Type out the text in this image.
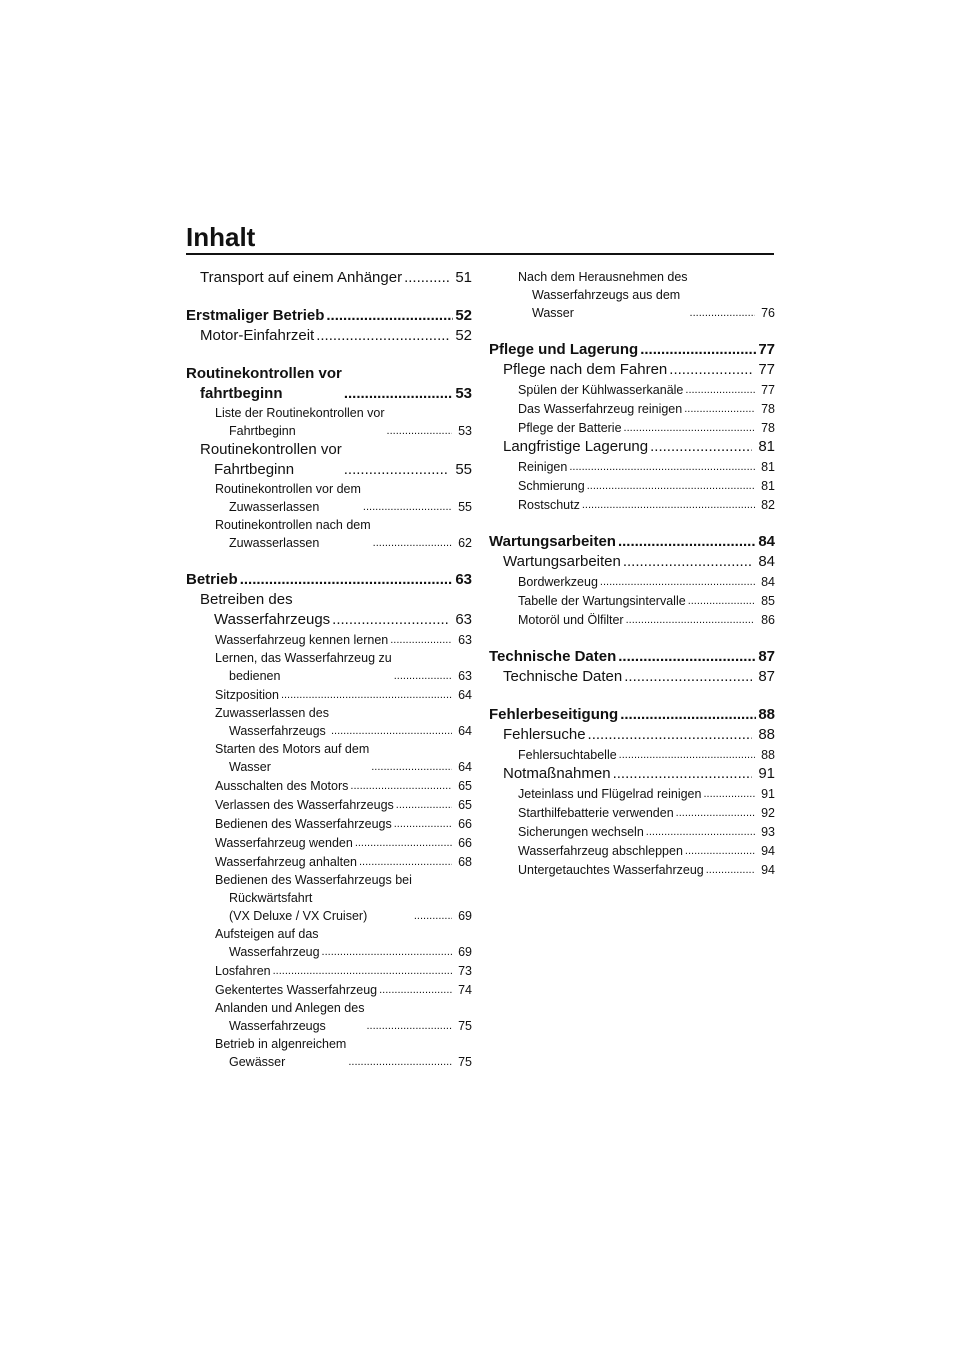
Inhalt
Transport auf einem Anhänger .....	51
Erstmaliger Betrieb .....	52
Motor-Einfahrzeit .....	52
Routinekontrollen vor
fahrtbeginn .....	53
Liste der Routinekontrollen vor
Fahrtbeginn .....	53
Routinekontrollen vor
Fahrtbeginn .....	55
Routinekontrollen vor dem
Zuwasserlassen .....	55
Routinekontrollen nach dem
Zuwasserlassen .....	62
Betrieb .....	63
Betreiben des
Wasserfahrzeugs .....	63
Wasserfahrzeug kennen lernen .....	63
Lernen, das Wasserfahrzeug zu
bedienen .....	63
Sitzposition .....	64
Zuwasserlassen des
Wasserfahrzeugs .....	64
Starten des Motors auf dem
Wasser .....	64
Ausschalten des Motors .....	65
Verlassen des Wasserfahrzeugs .....	65
Bedienen des Wasserfahrzeugs .....	66
Wasserfahrzeug wenden .....	66
Wasserfahrzeug anhalten .....	68
Bedienen des Wasserfahrzeugs bei
Rückwärtsfahrt
(VX Deluxe / VX Cruiser) .....	69
Aufsteigen auf das
Wasserfahrzeug .....	69
Losfahren .....	73
Gekentertes Wasserfahrzeug .....	74
Anlanden und Anlegen des
Wasserfahrzeugs .....	75
Betrieb in algenreichem
Gewässer .....	75
Nach dem Herausnehmen des
Wasserfahrzeugs aus dem
Wasser .....	76
Pflege und Lagerung .....	77
Pflege nach dem Fahren .....	77
Spülen der Kühlwasserkanäle .....	77
Das Wasserfahrzeug reinigen .....	78
Pflege der Batterie .....	78
Langfristige Lagerung .....	81
Reinigen .....	81
Schmierung .....	81
Rostschutz .....	82
Wartungsarbeiten .....	84
Wartungsarbeiten .....	84
Bordwerkzeug .....	84
Tabelle der Wartungsintervalle .....	85
Motoröl und Ölfilter .....	86
Technische Daten .....	87
Technische Daten .....	87
Fehlerbeseitigung .....	88
Fehlersuche .....	88
Fehlersuchtabelle .....	88
Notmaßnahmen .....	91
Jeteinlass und Flügelrad reinigen .....	91
Starthilfebatterie verwenden .....	92
Sicherungen wechseln .....	93
Wasserfahrzeug abschleppen .....	94
Untergetauchtes Wasserfahrzeug .....	94
